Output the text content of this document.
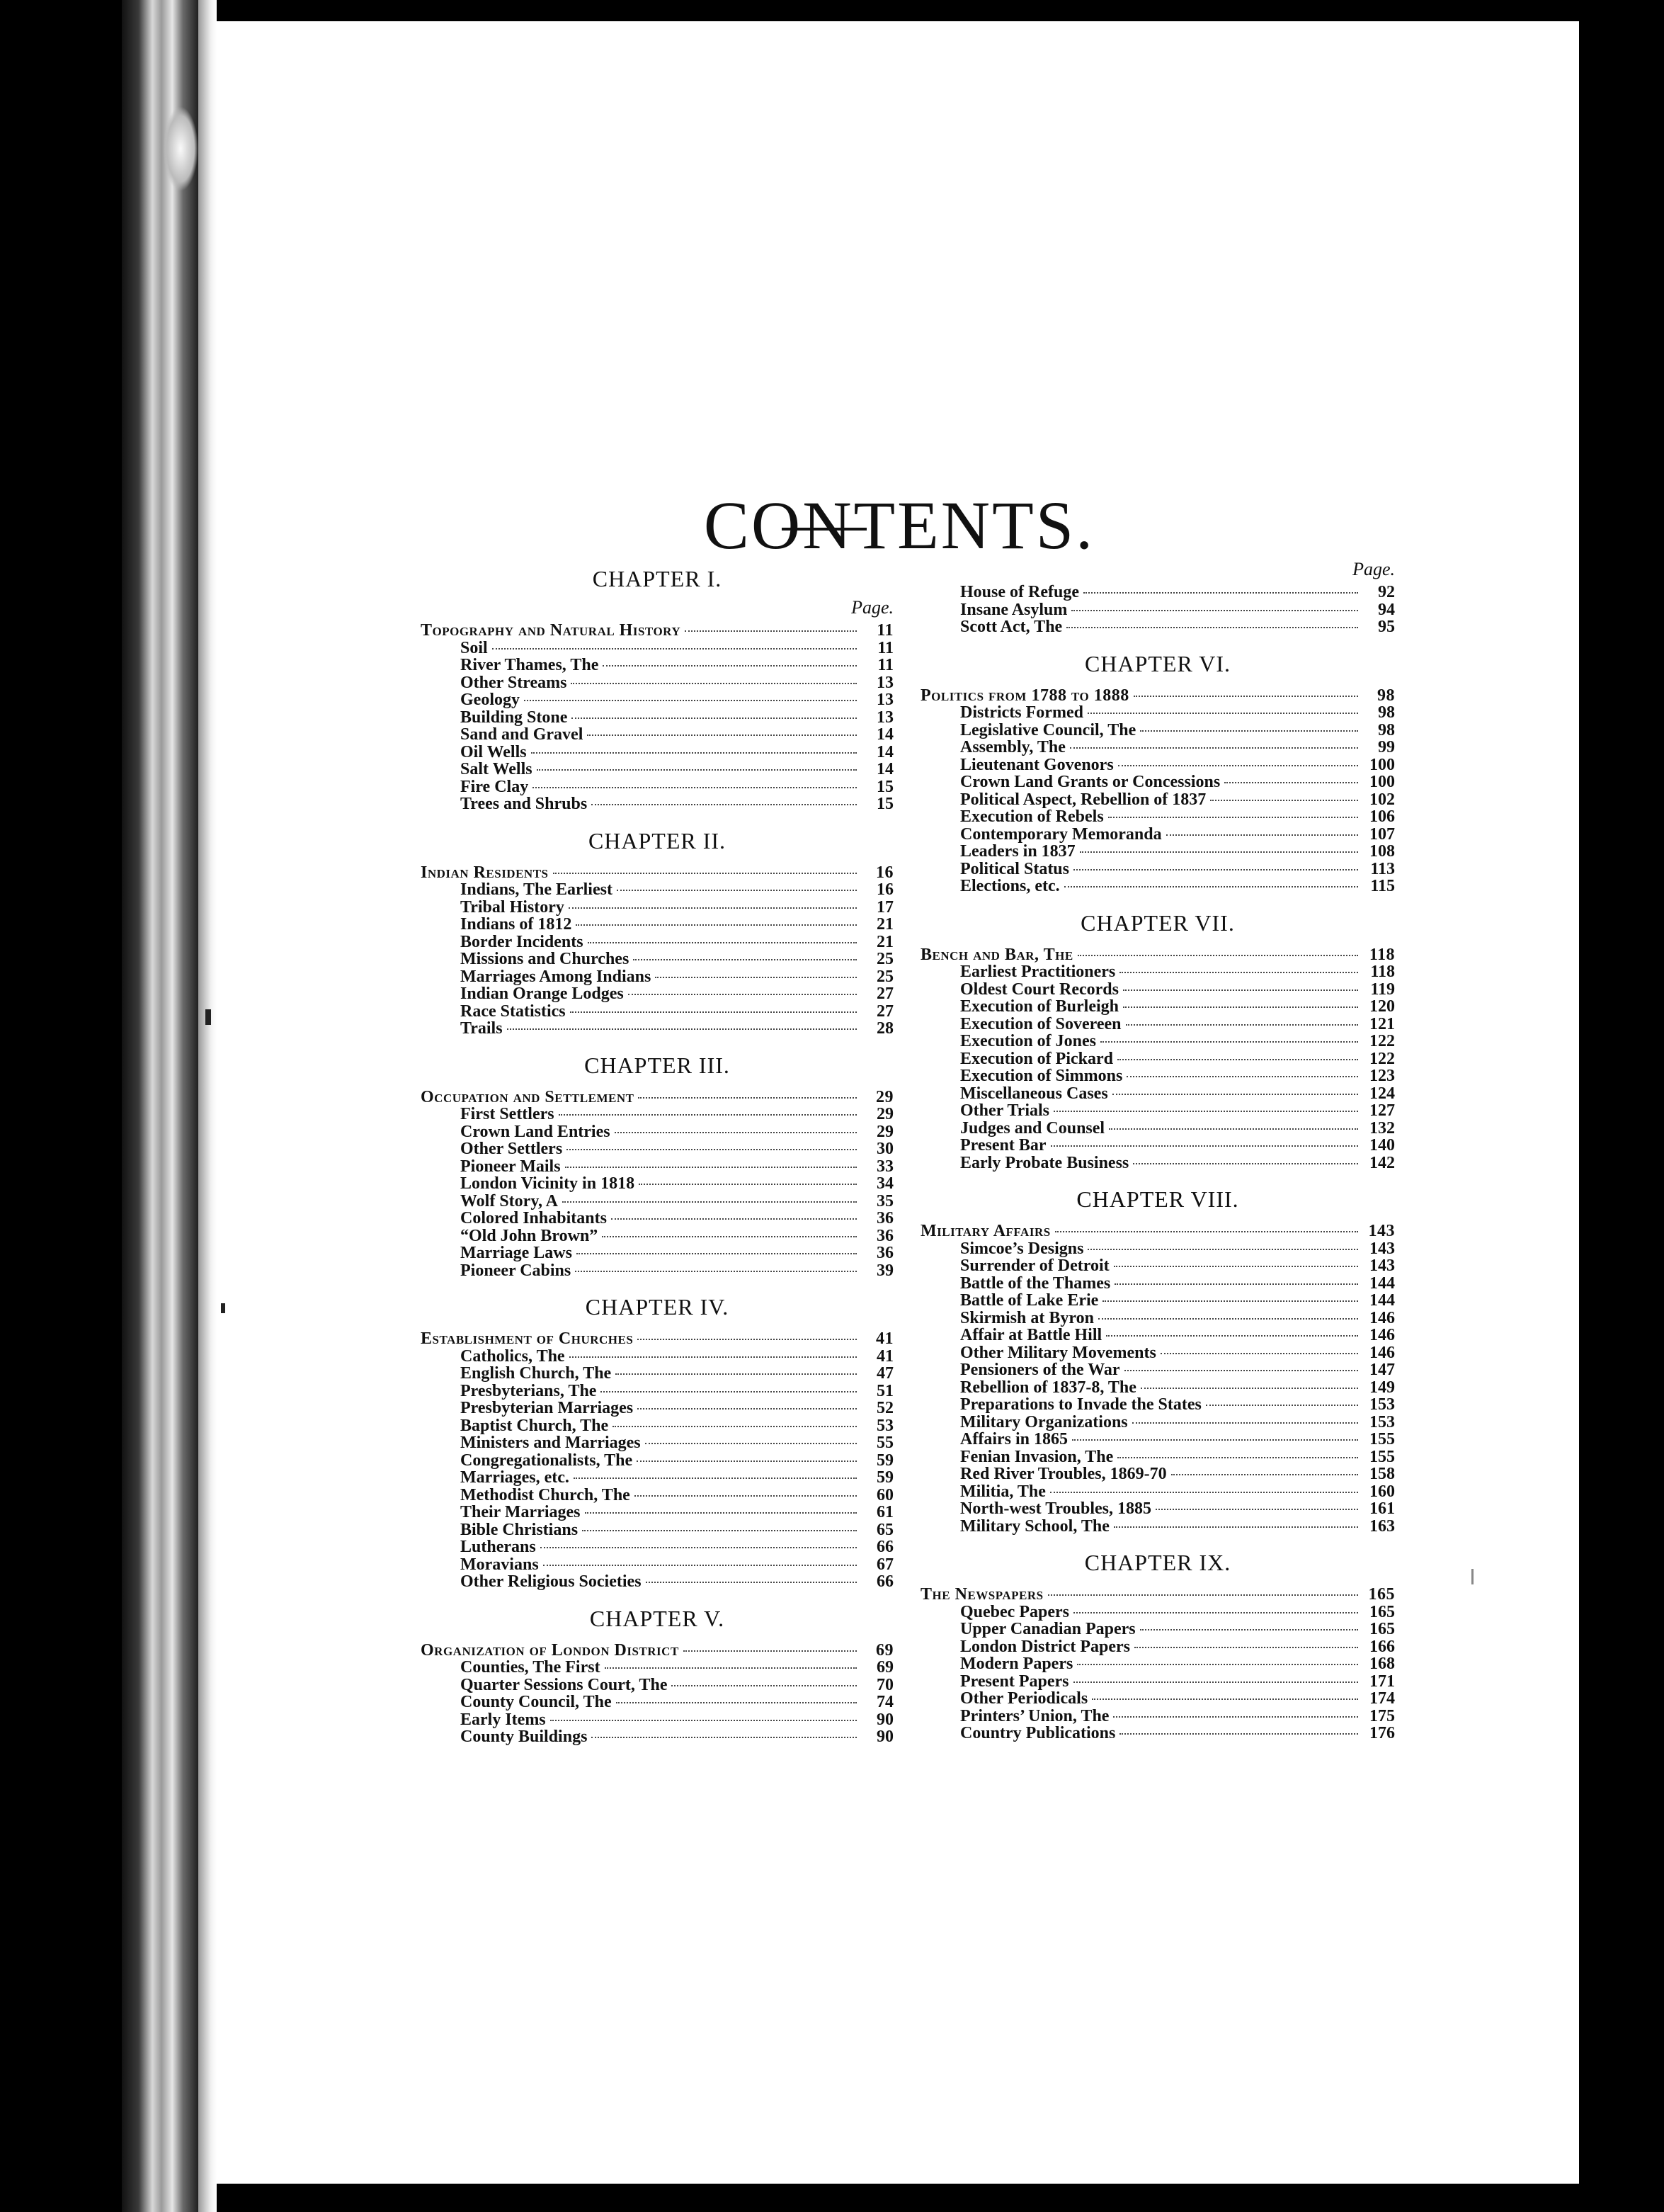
CONTENTS.
CHAPTER I.
Page.
Topography and Natural History	11
Soil	11
River Thames, The	11
Other Streams	13
Geology	13
Building Stone	13
Sand and Gravel	14
Oil Wells	14
Salt Wells	14
Fire Clay	15
Trees and Shrubs	15
CHAPTER II.
Indian Residents	16
Indians, The Earliest	16
Tribal History	17
Indians of 1812	21
Border Incidents	21
Missions and Churches	25
Marriages Among Indians	25
Indian Orange Lodges	27
Race Statistics	27
Trails	28
CHAPTER III.
Occupation and Settlement	29
First Settlers	29
Crown Land Entries	29
Other Settlers	30
Pioneer Mails	33
London Vicinity in 1818	34
Wolf Story, A	35
Colored Inhabitants	36
“Old John Brown”	36
Marriage Laws	36
Pioneer Cabins	39
CHAPTER IV.
Establishment of Churches	41
Catholics, The	41
English Church, The	47
Presbyterians, The	51
Presbyterian Marriages	52
Baptist Church, The	53
Ministers and Marriages	55
Congregationalists, The	59
Marriages, etc.	59
Methodist Church, The	60
Their Marriages	61
Bible Christians	65
Lutherans	66
Moravians	67
Other Religious Societies	66
CHAPTER V.
Organization of London District	69
Counties, The First	69
Quarter Sessions Court, The	70
County Council, The	74
Early Items	90
County Buildings	90
Page.
House of Refuge	92
Insane Asylum	94
Scott Act, The	95
CHAPTER VI.
Politics from 1788 to 1888	98
Districts Formed	98
Legislative Council, The	98
Assembly, The	99
Lieutenant Govenors	100
Crown Land Grants or Concessions	100
Political Aspect, Rebellion of 1837	102
Execution of Rebels	106
Contemporary Memoranda	107
Leaders in 1837	108
Political Status	113
Elections, etc.	115
CHAPTER VII.
Bench and Bar, The	118
Earliest Practitioners	118
Oldest Court Records	119
Execution of Burleigh	120
Execution of Sovereen	121
Execution of Jones	122
Execution of Pickard	122
Execution of Simmons	123
Miscellaneous Cases	124
Other Trials	127
Judges and Counsel	132
Present Bar	140
Early Probate Business	142
CHAPTER VIII.
Military Affairs	143
Simcoe’s Designs	143
Surrender of Detroit	143
Battle of the Thames	144
Battle of Lake Erie	144
Skirmish at Byron	146
Affair at Battle Hill	146
Other Military Movements	146
Pensioners of the War	147
Rebellion of 1837-8, The	149
Preparations to Invade the States	153
Military Organizations	153
Affairs in 1865	155
Fenian Invasion, The	155
Red River Troubles, 1869-70	158
Militia, The	160
North-west Troubles, 1885	161
Military School, The	163
CHAPTER IX.
The Newspapers	165
Quebec Papers	165
Upper Canadian Papers	165
London District Papers	166
Modern Papers	168
Present Papers	171
Other Periodicals	174
Printers’ Union, The	175
Country Publications	176
